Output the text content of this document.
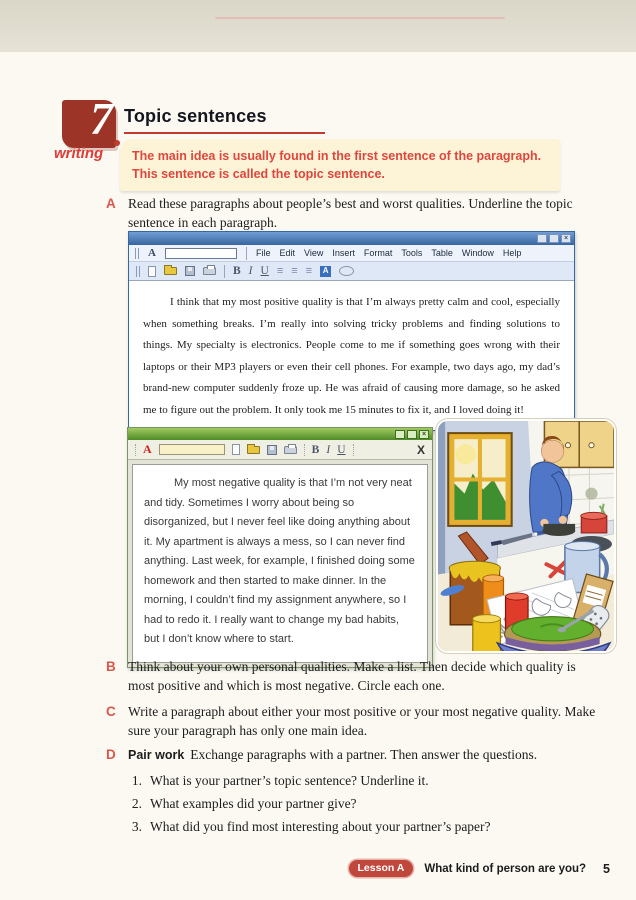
7 Topic sentences
writing	The main idea is usually found in the first sentence of the paragraph. This sentence is called the topic sentence.
A Read these paragraphs about people’s best and worst qualities. Underline the topic sentence in each paragraph.
×
A	File Edit View Insert Format Tools Table Window Help
B I U ≡ ≡ ≡	A

I think that my most positive quality is that I’m always pretty calm and cool, especially when something breaks. I’m really into solving tricky problems and finding solutions to things. My specialty is electronics. People come to me if something goes wrong with their laptops or their MP3 players or even their cell phones. For example, two days ago, my dad’s brand-new computer suddenly froze up. He was afraid of causing more damage, so he asked me to figure out the problem. It only took me 15 minutes to fix it, and I loved doing it!

×
A	B I U	X

My most negative quality is that I’m not very neat and tidy. Sometimes I worry about being so disorganized, but I never feel like doing anything about it. My apartment is always a mess, so I can never find anything. Last week, for example, I finished doing some homework and then started to make dinner. In the morning, I couldn’t find my assignment anywhere, so I had to redo it. I really want to change my bad habits, but I don’t know where to start.

B Think about your own personal qualities. Make a list. Then decide which quality is most positive and which is most negative. Circle each one.
C Write a paragraph about either your most positive or your most negative quality. Make sure your paragraph has only one main idea.
D Pair work Exchange paragraphs with a partner. Then answer the questions.
1. What is your partner’s topic sentence? Underline it.
2. What examples did your partner give?
3. What did you find most interesting about your partner’s paper?
Lesson A	What kind of person are you? 5
